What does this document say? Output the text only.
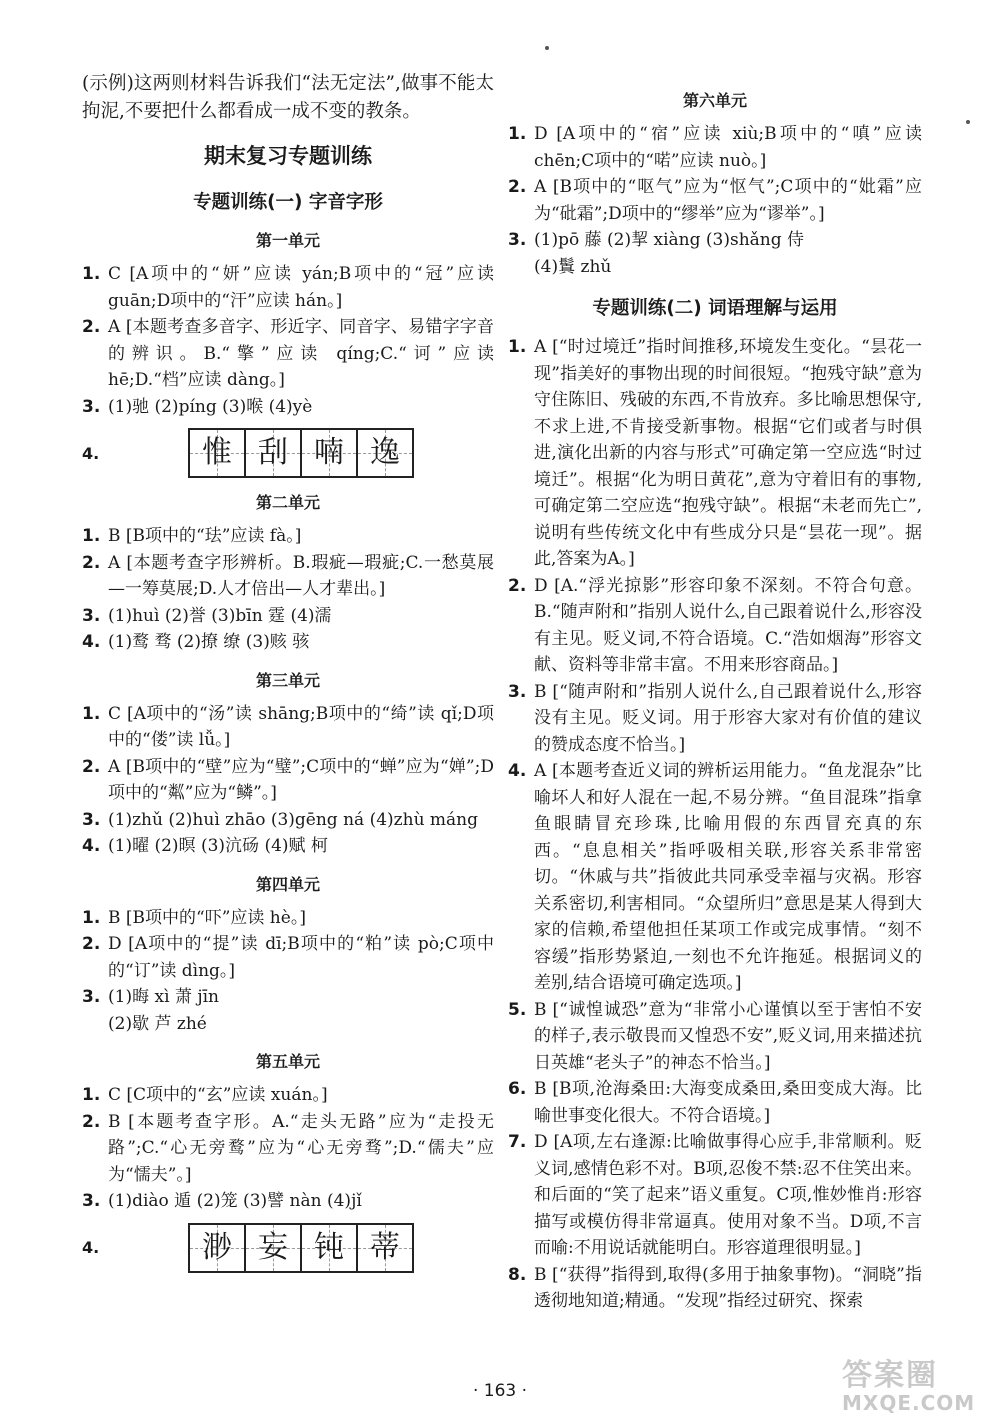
(示例)这两则材料告诉我们“法无定法”,做事不能太拘泥,不要把什么都看成一成不变的教条。

期末复习专题训练
专题训练(一) 字音字形
第一单元
1. C [A项中的“妍”应读 yán;B项中的“冠”应读guān;D项中的“汗”应读 hán。]
2. A [本题考查多音字、形近字、同音字、易错字字音的辨识。B.“擎”应读 qíng;C.“诃”应读 hē;D.“档”应读 dàng。]
3. (1)驰 (2)píng (3)喉 (4)yè
4.	惟 刮 喃 逸
第二单元
1. B [B项中的“珐”应读 fà。]
2. A [本题考查字形辨析。B.瑕疵—瑕疵;C.一愁莫展—一筹莫展;D.人才倍出—人才辈出。]
3. (1)huì (2)誉 (3)bīn 霆 (4)濡
4. (1)鹜 骛 (2)撩 缭 (3)赅 骇
第三单元
1. C [A项中的“汤”读 shāng;B项中的“绮”读 qǐ;D项中的“偻”读 lǚ。]
2. A [B项中的“壁”应为“璧”;C项中的“蝉”应为“婵”;D项中的“粼”应为“鳞”。]
3. (1)zhǔ (2)huì zhāo (3)gēng ná (4)zhù máng
4. (1)曜 (2)暝 (3)沆砀 (4)赋 柯
第四单元
1. B [B项中的“吓”应读 hè。]
2. D [A项中的“提”读 dī;B项中的“粕”读 pò;C项中的“订”读 dìng。]
3. (1)晦 xì 萧 jīn
(2)歇 芦 zhé
第五单元
1. C [C项中的“玄”应读 xuán。]
2. B [本题考查字形。A.“走头无路”应为“走投无路”;C.“心无旁鹜”应为“心无旁骛”;D.“儒夫”应为“懦夫”。]
3. (1)diào 遁 (2)笼 (3)譬 nàn (4)jǐ
4.	渺 妄 钝 蒂
第六单元
1. D [A项中的“宿”应读 xiù;B项中的“嗔”应读 chēn;C项中的“喏”应读 nuò。]
2. A [B项中的“呕气”应为“怄气”;C项中的“妣霜”应为“砒霜”;D项中的“缪举”应为“谬举”。]
3. (1)pō 藤 (2)挈 xiàng (3)shǎng 侍
(4)鬒 zhǔ
专题训练(二) 词语理解与运用
1. A [“时过境迁”指时间推移,环境发生变化。“昙花一现”指美好的事物出现的时间很短。“抱残守缺”意为守住陈旧、残破的东西,不肯放弃。多比喻思想保守,不求上进,不肯接受新事物。根据“它们或者与时俱进,演化出新的内容与形式”可确定第一空应选“时过境迁”。根据“化为明日黄花”,意为守着旧有的事物,可确定第二空应选“抱残守缺”。根据“未老而先亡”,说明有些传统文化中有些成分只是“昙花一现”。据此,答案为A。]
2. D [A.“浮光掠影”形容印象不深刻。不符合句意。B.“随声附和”指别人说什么,自己跟着说什么,形容没有主见。贬义词,不符合语境。C.“浩如烟海”形容文献、资料等非常丰富。不用来形容商品。]
3. B [“随声附和”指别人说什么,自己跟着说什么,形容没有主见。贬义词。用于形容大家对有价值的建议的赞成态度不恰当。]
4. A [本题考查近义词的辨析运用能力。“鱼龙混杂”比喻坏人和好人混在一起,不易分辨。“鱼目混珠”指拿鱼眼睛冒充珍珠,比喻用假的东西冒充真的东西。“息息相关”指呼吸相关联,形容关系非常密切。“休戚与共”指彼此共同承受幸福与灾祸。形容关系密切,利害相同。“众望所归”意思是某人得到大家的信赖,希望他担任某项工作或完成事情。“刻不容缓”指形势紧迫,一刻也不允许拖延。根据词义的差别,结合语境可确定选项。]
5. B [“诚惶诚恐”意为“非常小心谨慎以至于害怕不安的样子,表示敬畏而又惶恐不安”,贬义词,用来描述抗日英雄“老头子”的神态不恰当。]
6. B [B项,沧海桑田:大海变成桑田,桑田变成大海。比喻世事变化很大。不符合语境。]
7. D [A项,左右逢源:比喻做事得心应手,非常顺利。贬义词,感情色彩不对。B项,忍俊不禁:忍不住笑出来。和后面的“笑了起来”语义重复。C项,惟妙惟肖:形容描写或模仿得非常逼真。使用对象不当。D项,不言而喻:不用说话就能明白。形容道理很明显。]
8. B [“获得”指得到,取得(多用于抽象事物)。“洞晓”指透彻地知道;精通。“发现”指经过研究、探索
· 163 ·	答案圈
MXQE.COM
